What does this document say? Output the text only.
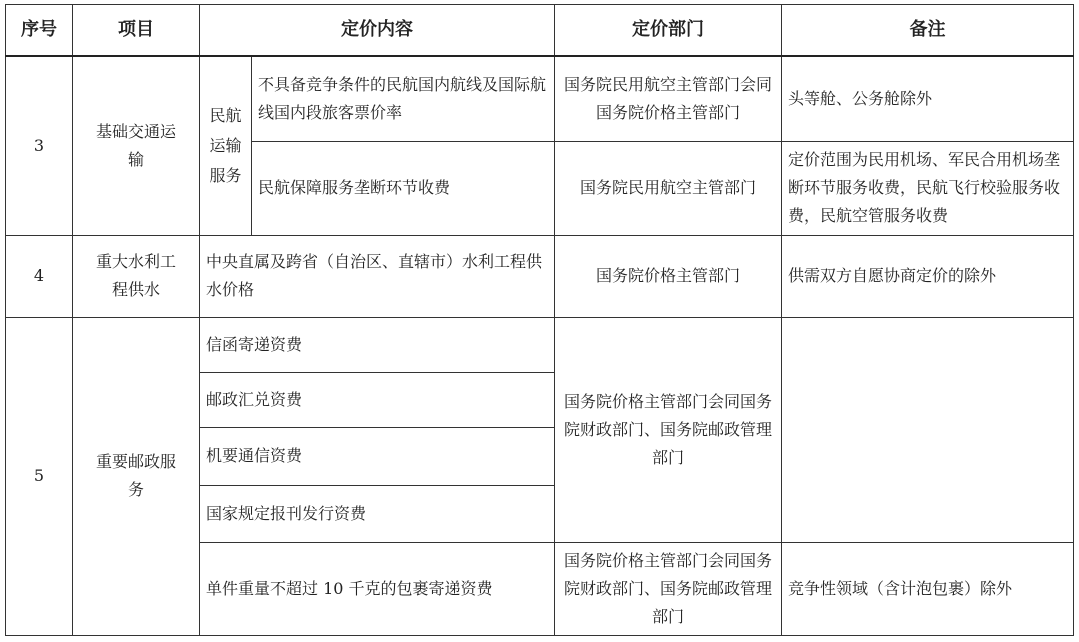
序号	项目	定价内容		定价部门	备注
3	基础交通运输	民航运输服务	不具备竞争条件的民航国内航线及国际航线国内段旅客票价率	国务院民用航空主管部门会同国务院价格主管部门	头等舱、公务舱除外
			民航保障服务垄断环节收费	国务院民用航空主管部门	定价范围为民用机场、军民合用机场垄断环节服务收费，民航飞行校验服务收费，民航空管服务收费
4	重大水利工程供水	中央直属及跨省（自治区、直辖市）水利工程供水价格		国务院价格主管部门	供需双方自愿协商定价的除外
5	重要邮政服务	信函寄递资费		国务院价格主管部门会同国务院财政部门、国务院邮政管理部门	
		邮政汇兑资费			
		机要通信资费			
		国家规定报刊发行资费			
		单件重量不超过 10 千克的包裹寄递资费		国务院价格主管部门会同国务院财政部门、国务院邮政管理部门	竞争性领域（含计泡包裹）除外
